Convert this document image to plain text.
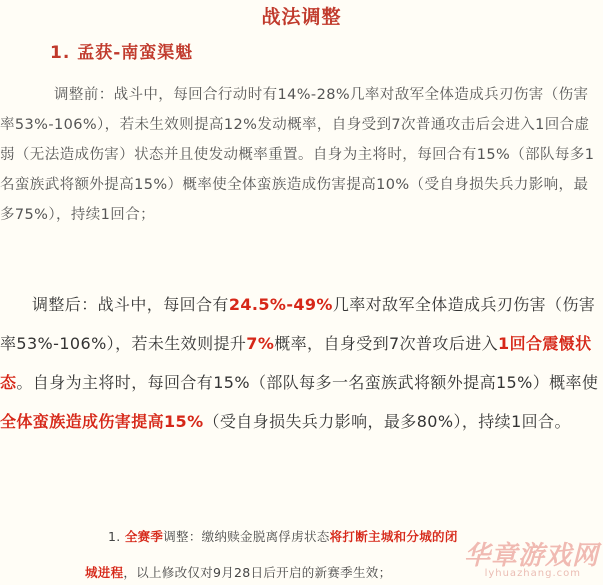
战法调整
1. 孟获-南蛮渠魁

调整前：战斗中，每回合行动时有14%-28%几率对敌军全体造成兵刃伤害（伤害率53%-106%），若未生效则提高12%发动概率，自身受到7次普通攻击后会进入1回合虚弱（无法造成伤害）状态并且使发动概率重置。自身为主将时，每回合有15%（部队每多1名蛮族武将额外提高15%）概率使全体蛮族造成伤害提高10%（受自身损失兵力影响，最多75%），持续1回合；

调整后：战斗中，每回合有24.5%-49%几率对敌军全体造成兵刃伤害（伤害率53%-106%），若未生效则提升7%概率，自身受到7次普攻后进入1回合震慑状态。自身为主将时，每回合有15%（部队每多一名蛮族武将额外提高15%）概率使全体蛮族造成伤害提高15%（受自身损失兵力影响，最多80%），持续1回合。

1. 全赛季调整：缴纳赎金脱离俘虏状态将打断主城和分城的闭
城进程，以上修改仅对9月28日后开启的新赛季生效；
华章游戏网
lyhuazhang.com
